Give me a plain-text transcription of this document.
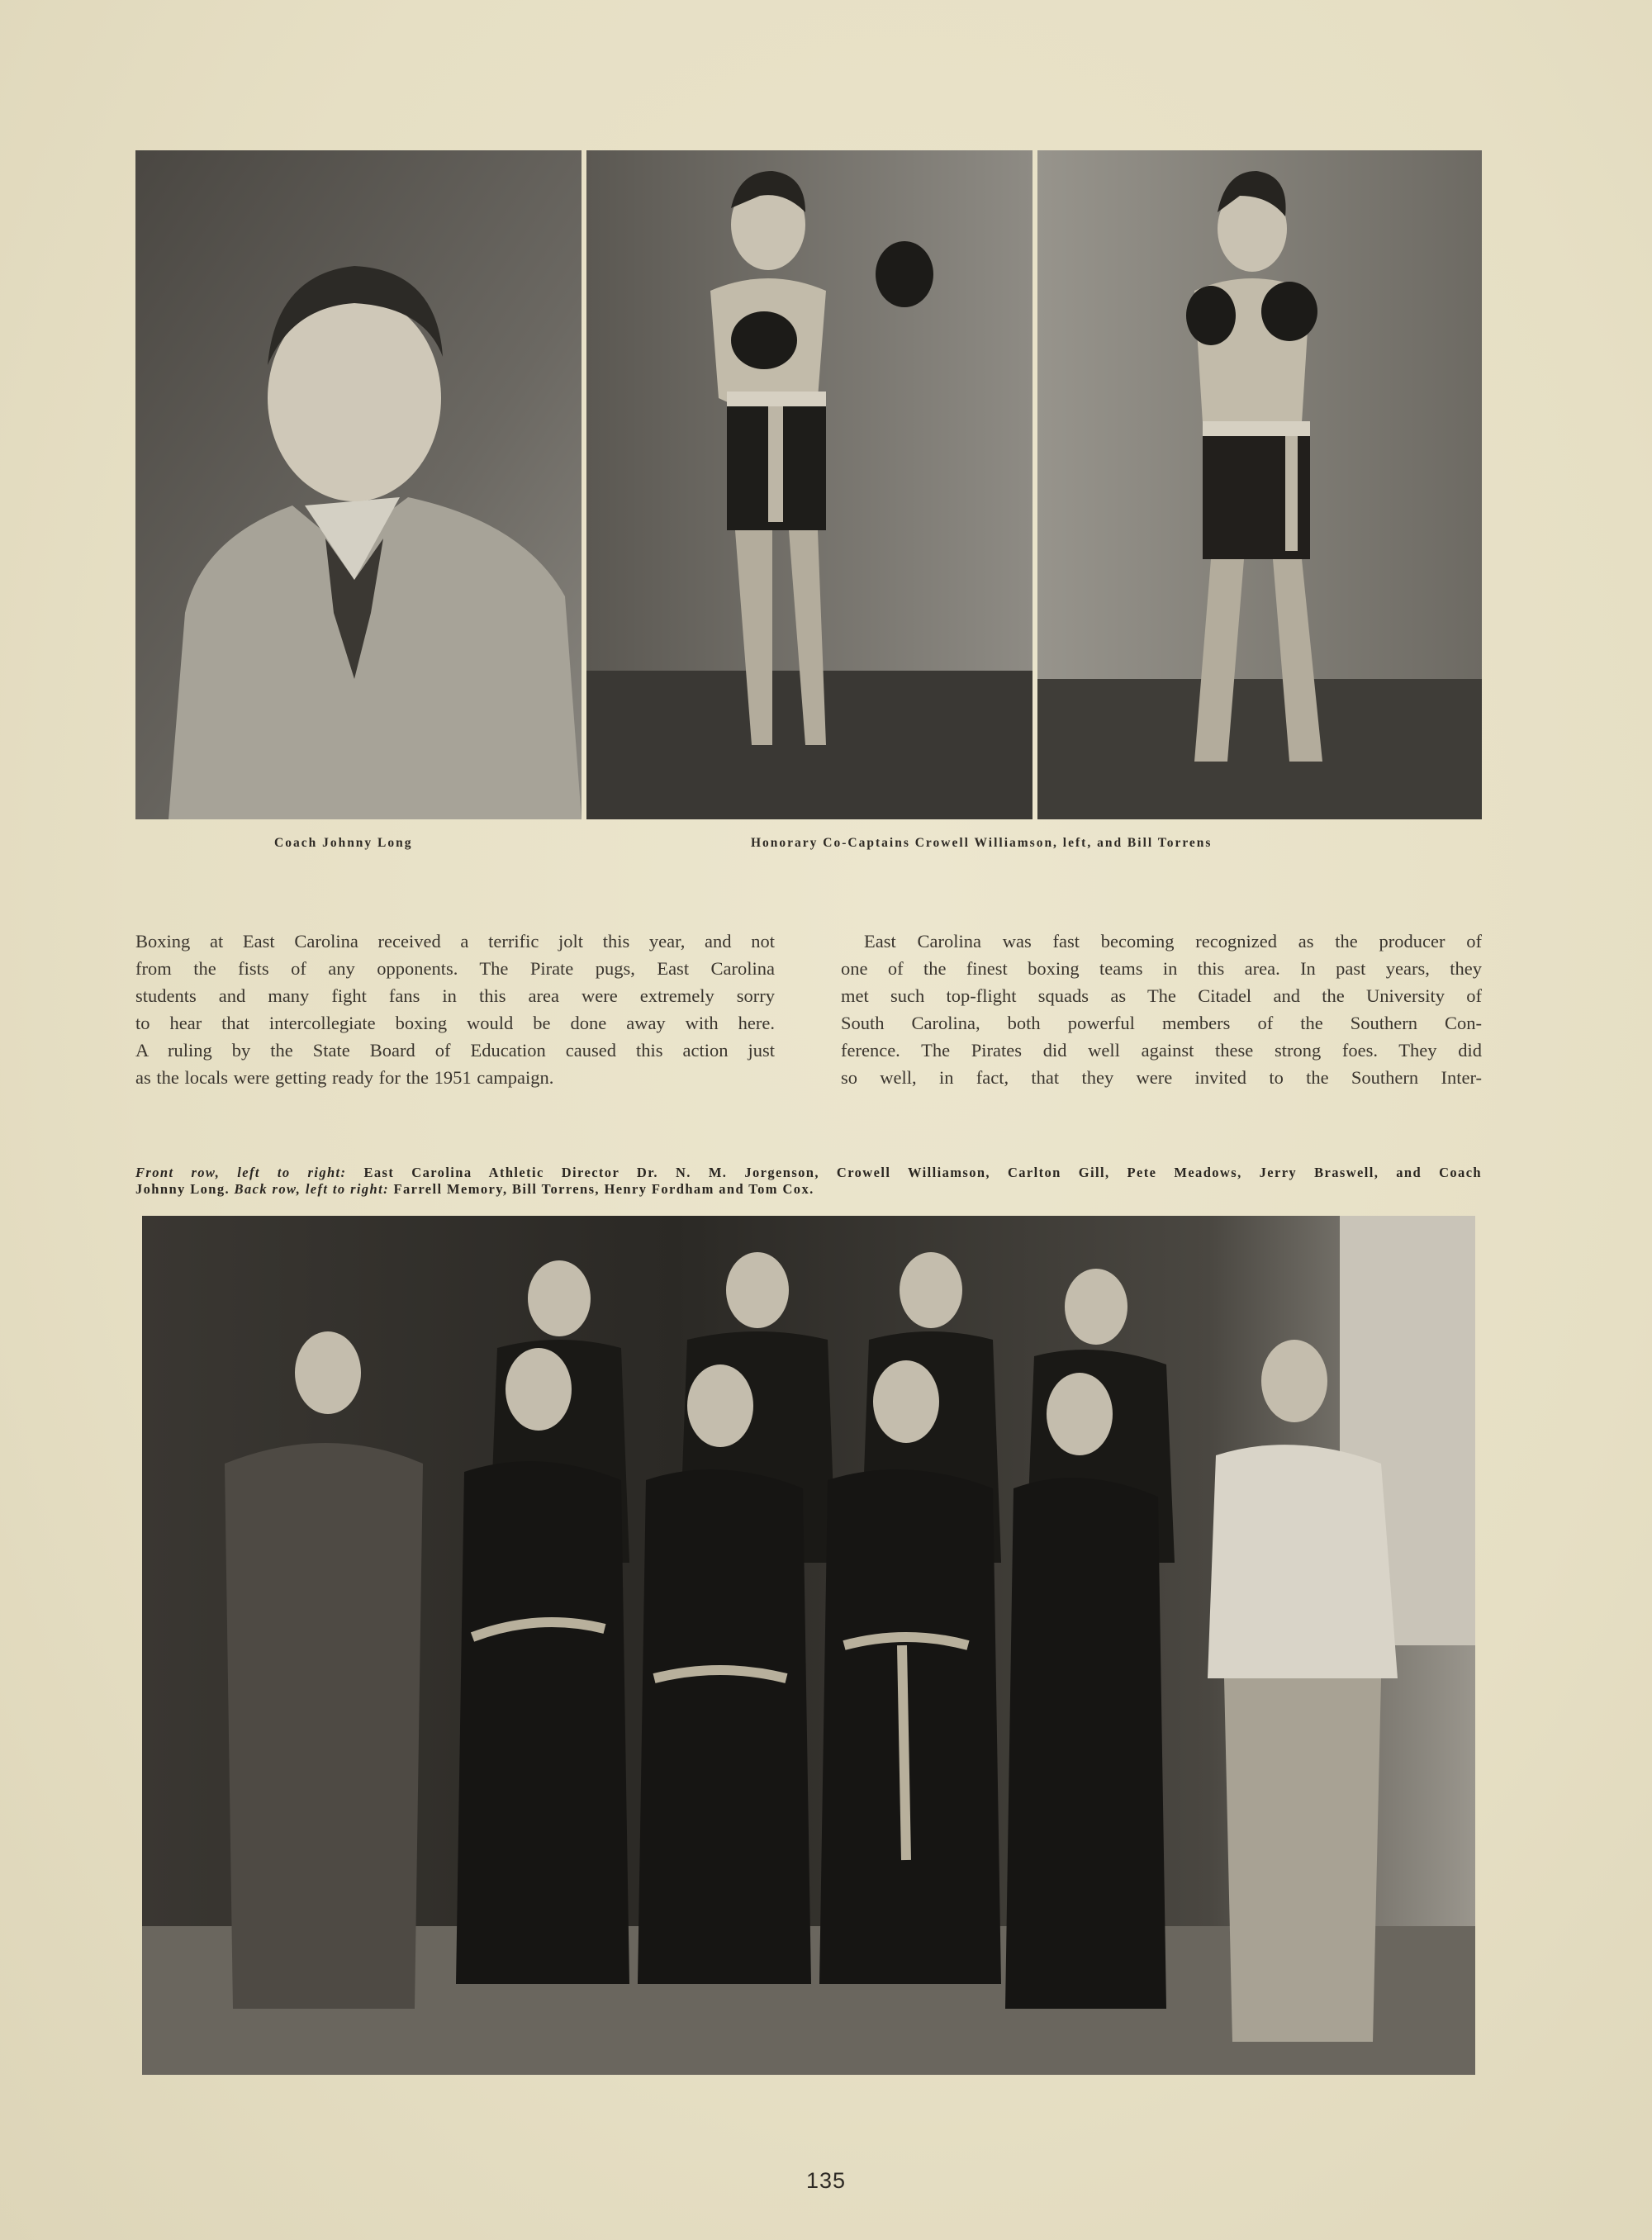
Coach Johnny Long	Honorary Co-Captains Crowell Williamson, left, and Bill Torrens
Boxing at East Carolina received a terrific jolt this year, and not
from the fists of any opponents. The Pirate pugs, East Carolina
students and many fight fans in this area were extremely sorry
to hear that intercollegiate boxing would be done away with here.
A ruling by the State Board of Education caused this action just
as the locals were getting ready for the 1951 campaign.
East Carolina was fast becoming recognized as the producer of
one of the finest boxing teams in this area. In past years, they
met such top-flight squads as The Citadel and the University of
South Carolina, both powerful members of the Southern Con-
ference. The Pirates did well against these strong foes. They did
so well, in fact, that they were invited to the Southern Inter-
Front row, left to right: East Carolina Athletic Director Dr. N. M. Jorgenson, Crowell Williamson, Carlton Gill, Pete Meadows, Jerry Braswell, and Coach
Johnny Long. Back row, left to right: Farrell Memory, Bill Torrens, Henry Fordham and Tom Cox.
135
